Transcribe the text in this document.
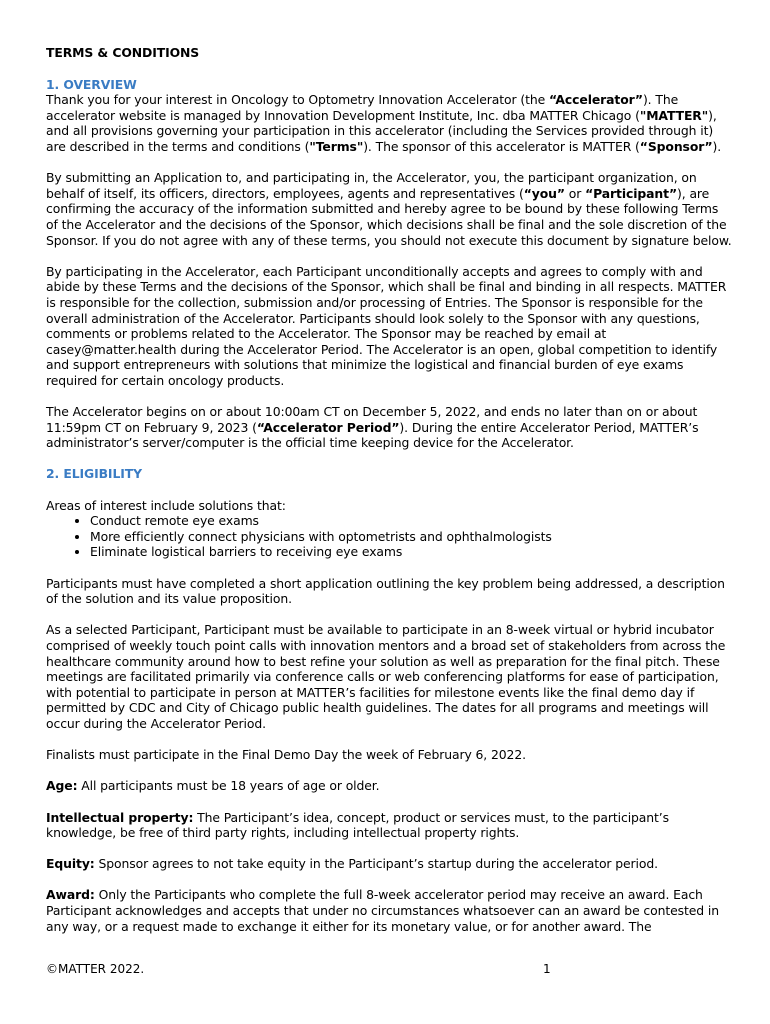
TERMS & CONDITIONS
1. OVERVIEW

Thank you for your interest in Oncology to Optometry Innovation Accelerator (the “Accelerator”). The accelerator website is managed by Innovation Development Institute, Inc. dba MATTER Chicago ("MATTER"), and all provisions governing your participation in this accelerator (including the Services provided through it) are described in the terms and conditions ("Terms"). The sponsor of this accelerator is MATTER (“Sponsor”).

By submitting an Application to, and participating in, the Accelerator, you, the participant organization, on behalf of itself, its officers, directors, employees, agents and representatives (“you” or “Participant”), are confirming the accuracy of the information submitted and hereby agree to be bound by these following Terms of the Accelerator and the decisions of the Sponsor, which decisions shall be final and the sole discretion of the Sponsor. If you do not agree with any of these terms, you should not execute this document by signature below.

By participating in the Accelerator, each Participant unconditionally accepts and agrees to comply with and abide by these Terms and the decisions of the Sponsor, which shall be final and binding in all respects. MATTER is responsible for the collection, submission and/or processing of Entries. The Sponsor is responsible for the overall administration of the Accelerator. Participants should look solely to the Sponsor with any questions, comments or problems related to the Accelerator. The Sponsor may be reached by email at casey@matter.health during the Accelerator Period. The Accelerator is an open, global competition to identify and support entrepreneurs with solutions that minimize the logistical and financial burden of eye exams required for certain oncology products.

The Accelerator begins on or about 10:00am CT on December 5, 2022, and ends no later than on or about 11:59pm CT on February 9, 2023 (“Accelerator Period”). During the entire Accelerator Period, MATTER’s administrator’s server/computer is the official time keeping device for the Accelerator.

2. ELIGIBILITY

Areas of interest include solutions that:

• Conduct remote eye exams
• More efficiently connect physicians with optometrists and ophthalmologists
• Eliminate logistical barriers to receiving eye exams

Participants must have completed a short application outlining the key problem being addressed, a description of the solution and its value proposition.

As a selected Participant, Participant must be available to participate in an 8-week virtual or hybrid incubator comprised of weekly touch point calls with innovation mentors and a broad set of stakeholders from across the healthcare community around how to best refine your solution as well as preparation for the final pitch. These meetings are facilitated primarily via conference calls or web conferencing platforms for ease of participation, with potential to participate in person at MATTER’s facilities for milestone events like the final demo day if permitted by CDC and City of Chicago public health guidelines. The dates for all programs and meetings will occur during the Accelerator Period.

Finalists must participate in the Final Demo Day the week of February 6, 2022.

Age: All participants must be 18 years of age or older.

Intellectual property: The Participant’s idea, concept, product or services must, to the participant’s knowledge, be free of third party rights, including intellectual property rights.

Equity: Sponsor agrees to not take equity in the Participant’s startup during the accelerator period.

Award: Only the Participants who complete the full 8-week accelerator period may receive an award. Each Participant acknowledges and accepts that under no circumstances whatsoever can an award be contested in any way, or a request made to exchange it either for its monetary value, or for another award. The

©MATTER 2022.	1
